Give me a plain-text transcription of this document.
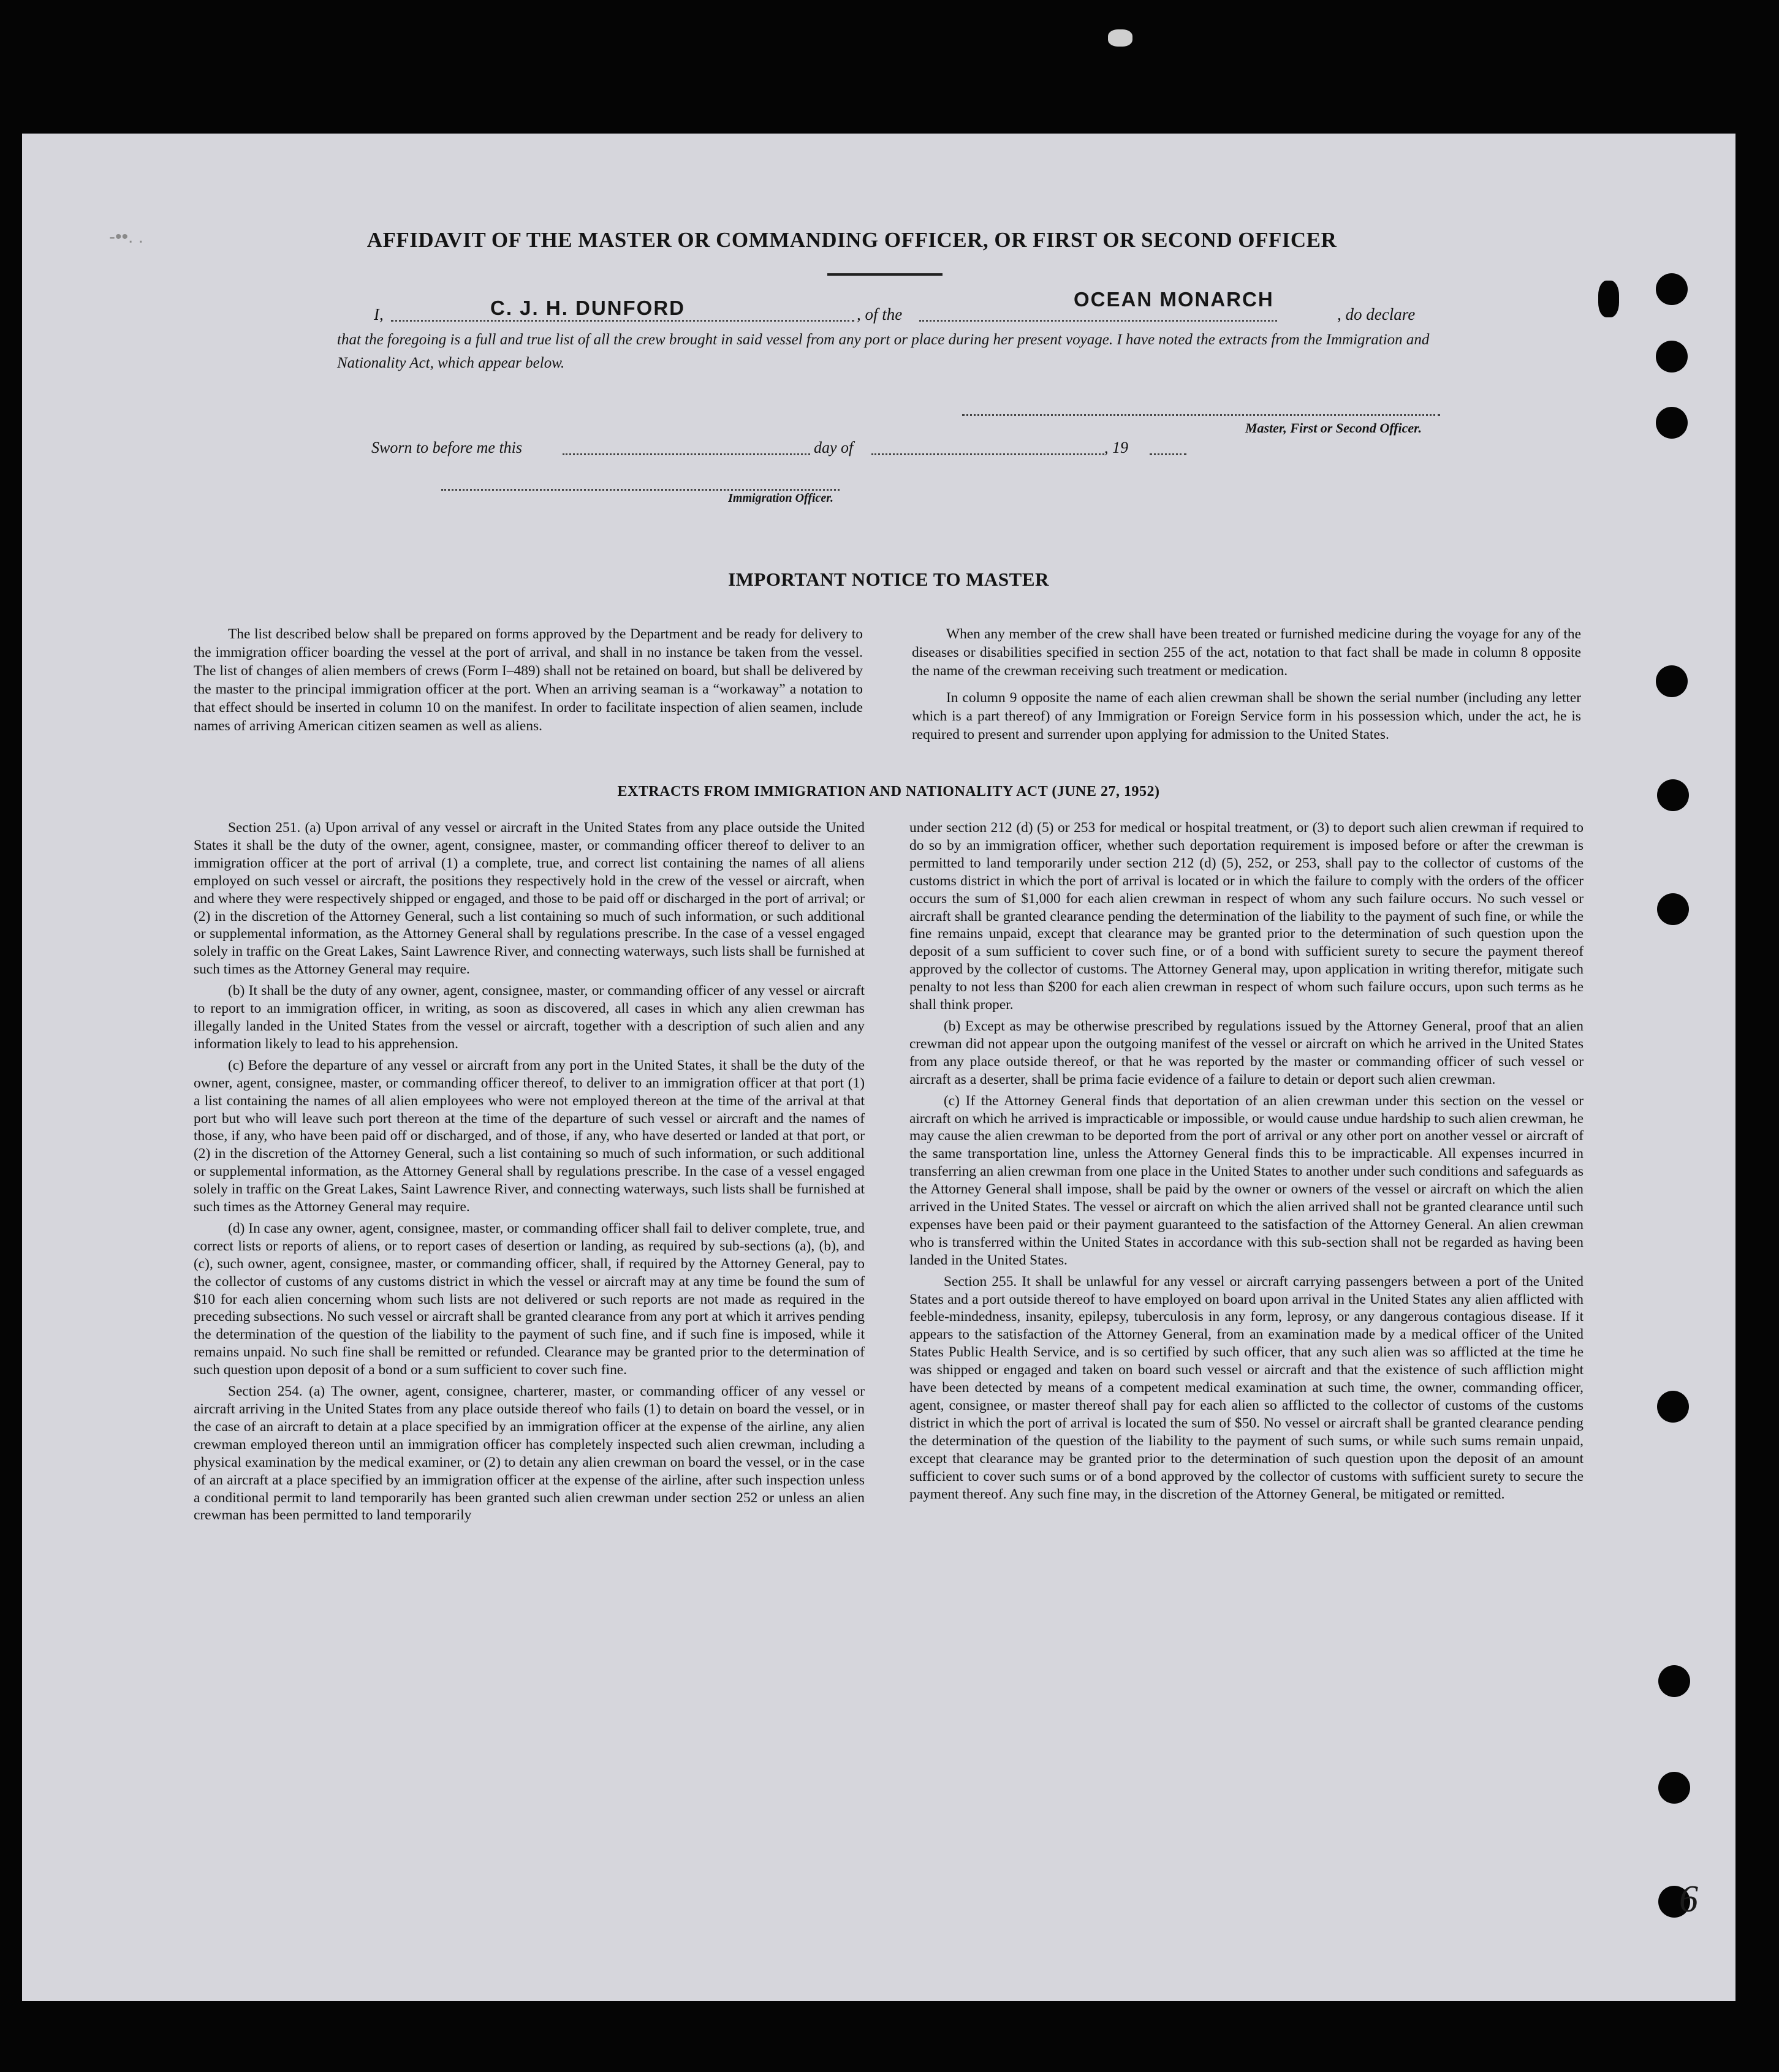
-••. .	AFFIDAVIT OF THE MASTER OR COMMANDING OFFICER, OR FIRST OR SECOND OFFICER
I,	, of the	, do declare
C. J. H. DUNFORD	OCEAN MONARCH
that the foregoing is a full and true list of all the crew brought in said vessel from any port or place during her present voyage. I have noted the extracts from the Immigration and Nationality Act, which appear below.
Master, First or Second Officer.
Sworn to before me this	day of	, 19
Immigration Officer.
IMPORTANT NOTICE TO MASTER

The list described below shall be prepared on forms approved by the Department and be ready for delivery to the immigration officer boarding the vessel at the port of arrival, and shall in no instance be taken from the vessel. The list of changes of alien members of crews (Form I–489) shall not be retained on board, but shall be delivered by the master to the principal immigration officer at the port. When an arriving seaman is a “workaway” a notation to that effect should be inserted in column 10 on the manifest. In order to facilitate inspection of alien seamen, include names of arriving American citizen seamen as well as aliens.

When any member of the crew shall have been treated or furnished medicine during the voyage for any of the diseases or disabilities specified in section 255 of the act, notation to that fact shall be made in column 8 opposite the name of the crewman receiving such treatment or medication.

In column 9 opposite the name of each alien crewman shall be shown the serial number (including any letter which is a part thereof) of any Immigration or Foreign Service form in his possession which, under the act, he is required to present and surrender upon applying for admission to the United States.

EXTRACTS FROM IMMIGRATION AND NATIONALITY ACT (JUNE 27, 1952)

Section 251. (a) Upon arrival of any vessel or aircraft in the United States from any place outside the United States it shall be the duty of the owner, agent, consignee, master, or commanding officer thereof to deliver to an immigration officer at the port of arrival (1) a complete, true, and correct list containing the names of all aliens employed on such vessel or aircraft, the positions they respectively hold in the crew of the vessel or aircraft, when and where they were respectively shipped or engaged, and those to be paid off or discharged in the port of arrival; or (2) in the discretion of the Attorney General, such a list containing so much of such information, or such additional or supplemental information, as the Attorney General shall by regulations prescribe. In the case of a vessel engaged solely in traffic on the Great Lakes, Saint Lawrence River, and connecting waterways, such lists shall be furnished at such times as the Attorney General may require.

(b) It shall be the duty of any owner, agent, consignee, master, or commanding officer of any vessel or aircraft to report to an immigration officer, in writing, as soon as discovered, all cases in which any alien crewman has illegally landed in the United States from the vessel or aircraft, together with a description of such alien and any information likely to lead to his apprehension.

(c) Before the departure of any vessel or aircraft from any port in the United States, it shall be the duty of the owner, agent, consignee, master, or commanding officer thereof, to deliver to an immigration officer at that port (1) a list containing the names of all alien employees who were not employed thereon at the time of the arrival at that port but who will leave such port thereon at the time of the departure of such vessel or aircraft and the names of those, if any, who have been paid off or discharged, and of those, if any, who have deserted or landed at that port, or (2) in the discretion of the Attorney General, such a list containing so much of such information, or such additional or supplemental information, as the Attorney General shall by regulations prescribe. In the case of a vessel engaged solely in traffic on the Great Lakes, Saint Lawrence River, and connecting waterways, such lists shall be furnished at such times as the Attorney General may require.

(d) In case any owner, agent, consignee, master, or commanding officer shall fail to deliver complete, true, and correct lists or reports of aliens, or to report cases of desertion or landing, as required by sub-sections (a), (b), and (c), such owner, agent, consignee, master, or commanding officer, shall, if required by the Attorney General, pay to the collector of customs of any customs district in which the vessel or aircraft may at any time be found the sum of $10 for each alien concerning whom such lists are not delivered or such reports are not made as required in the preceding subsections. No such vessel or aircraft shall be granted clearance from any port at which it arrives pending the determination of the question of the liability to the payment of such fine, and if such fine is imposed, while it remains unpaid. No such fine shall be remitted or refunded. Clearance may be granted prior to the determination of such question upon deposit of a bond or a sum sufficient to cover such fine.

Section 254. (a) The owner, agent, consignee, charterer, master, or commanding officer of any vessel or aircraft arriving in the United States from any place outside thereof who fails (1) to detain on board the vessel, or in the case of an aircraft to detain at a place specified by an immigration officer at the expense of the airline, any alien crewman employed thereon until an immigration officer has completely inspected such alien crewman, including a physical examination by the medical examiner, or (2) to detain any alien crewman on board the vessel, or in the case of an aircraft at a place specified by an immigration officer at the expense of the airline, after such inspection unless a conditional permit to land temporarily has been granted such alien crewman under section 252 or unless an alien crewman has been permitted to land temporarily

under section 212 (d) (5) or 253 for medical or hospital treatment, or (3) to deport such alien crewman if required to do so by an immigration officer, whether such deportation requirement is imposed before or after the crewman is permitted to land temporarily under section 212 (d) (5), 252, or 253, shall pay to the collector of customs of the customs district in which the port of arrival is located or in which the failure to comply with the orders of the officer occurs the sum of $1,000 for each alien crewman in respect of whom any such failure occurs. No such vessel or aircraft shall be granted clearance pending the determination of the liability to the payment of such fine, or while the fine remains unpaid, except that clearance may be granted prior to the determination of such question upon the deposit of a sum sufficient to cover such fine, or of a bond with sufficient surety to secure the payment thereof approved by the collector of customs. The Attorney General may, upon application in writing therefor, mitigate such penalty to not less than $200 for each alien crewman in respect of whom such failure occurs, upon such terms as he shall think proper.

(b) Except as may be otherwise prescribed by regulations issued by the Attorney General, proof that an alien crewman did not appear upon the outgoing manifest of the vessel or aircraft on which he arrived in the United States from any place outside thereof, or that he was reported by the master or commanding officer of such vessel or aircraft as a deserter, shall be prima facie evidence of a failure to detain or deport such alien crewman.

(c) If the Attorney General finds that deportation of an alien crewman under this section on the vessel or aircraft on which he arrived is impracticable or impossible, or would cause undue hardship to such alien crewman, he may cause the alien crewman to be deported from the port of arrival or any other port on another vessel or aircraft of the same transportation line, unless the Attorney General finds this to be impracticable. All expenses incurred in transferring an alien crewman from one place in the United States to another under such conditions and safeguards as the Attorney General shall impose, shall be paid by the owner or owners of the vessel or aircraft on which the alien arrived in the United States. The vessel or aircraft on which the alien arrived shall not be granted clearance until such expenses have been paid or their payment guaranteed to the satisfaction of the Attorney General. An alien crewman who is transferred within the United States in accordance with this sub-section shall not be regarded as having been landed in the United States.

Section 255. It shall be unlawful for any vessel or aircraft carrying passengers between a port of the United States and a port outside thereof to have employed on board upon arrival in the United States any alien afflicted with feeble-mindedness, insanity, epilepsy, tuberculosis in any form, leprosy, or any dangerous contagious disease. If it appears to the satisfaction of the Attorney General, from an examination made by a medical officer of the United States Public Health Service, and is so certified by such officer, that any such alien was so afflicted at the time he was shipped or engaged and taken on board such vessel or aircraft and that the existence of such affliction might have been detected by means of a competent medical examination at such time, the owner, commanding officer, agent, consignee, or master thereof shall pay for each alien so afflicted to the collector of customs of the customs district in which the port of arrival is located the sum of $50. No vessel or aircraft shall be granted clearance pending the determination of the question of the liability to the payment of such sums, or while such sums remain unpaid, except that clearance may be granted prior to the determination of such question upon the deposit of an amount sufficient to cover such sums or of a bond approved by the collector of customs with sufficient surety to secure the payment thereof. Any such fine may, in the discretion of the Attorney General, be mitigated or remitted.

6
